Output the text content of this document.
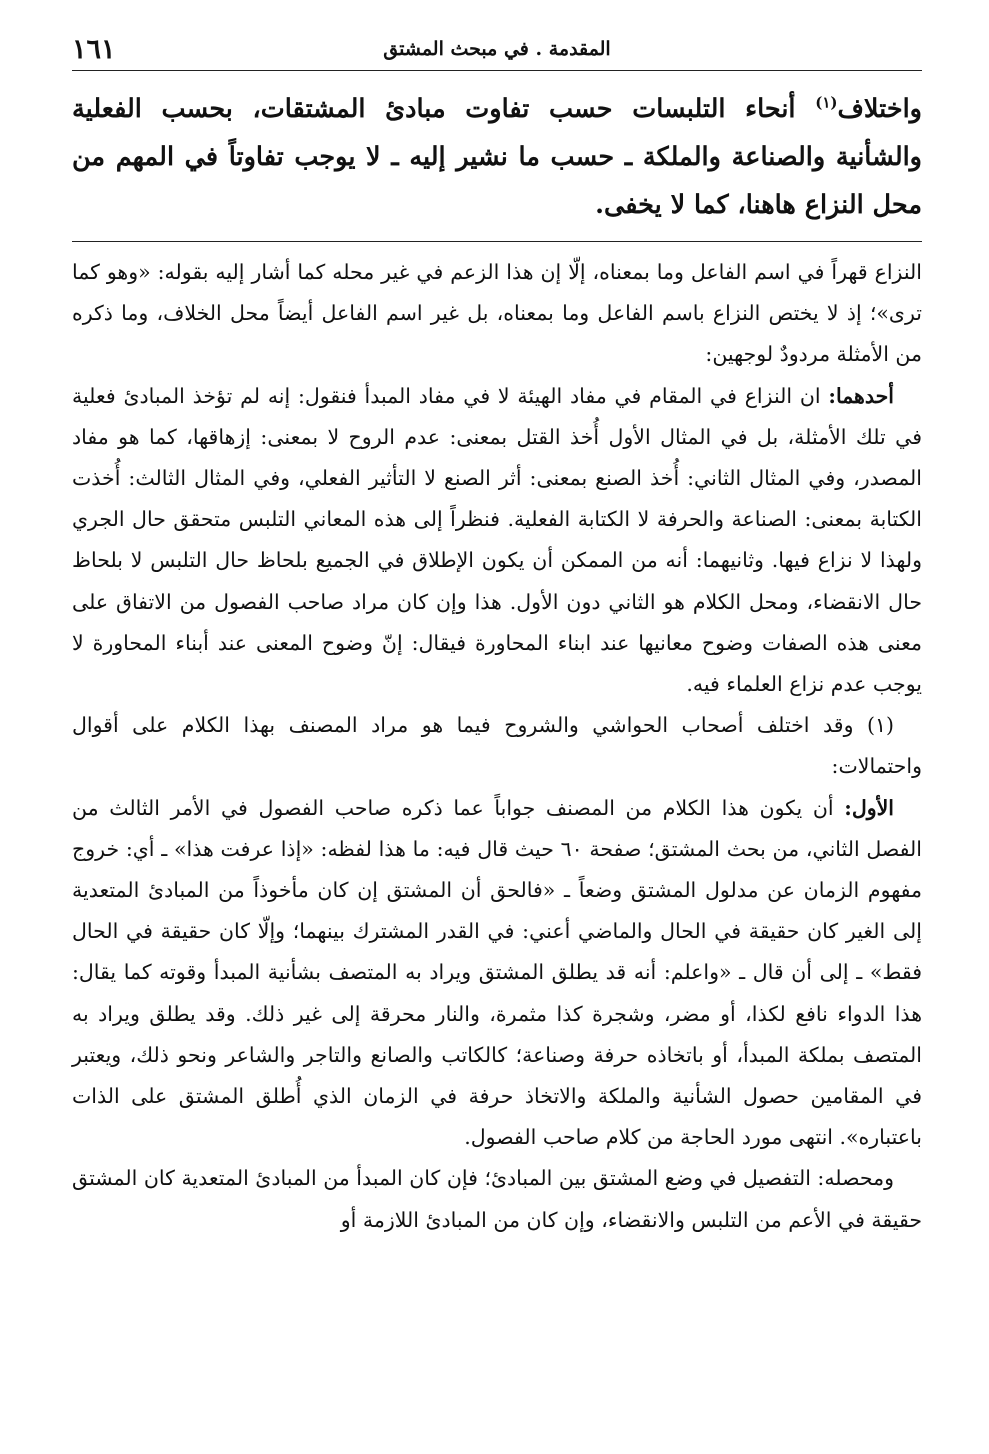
١٦١	المقدمة . في مبحث المشتق

واختلاف$^{(١)}$ أنحاء التلبسات حسب تفاوت مبادئ المشتقات، بحسب الفعلية والشأنية والصناعة والملكة ـ حسب ما نشير إليه ـ لا يوجب تفاوتاً في المهم من محل النزاع هاهنا، كما لا يخفى.

النزاع قهراً في اسم الفاعل وما بمعناه، إلّا إن هذا الزعم في غير محله كما أشار إليه بقوله: «وهو كما ترى»؛ إذ لا يختص النزاع باسم الفاعل وما بمعناه، بل غير اسم الفاعل أيضاً محل الخلاف، وما ذكره من الأمثلة مردودٌ لوجهين:

أحدهما: ان النزاع في المقام في مفاد الهيئة لا في مفاد المبدأ فنقول: إنه لم تؤخذ المبادئ فعلية في تلك الأمثلة، بل في المثال الأول أُخذ القتل بمعنى: عدم الروح لا بمعنى: إزهاقها، كما هو مفاد المصدر، وفي المثال الثاني: أُخذ الصنع بمعنى: أثر الصنع لا التأثير الفعلي، وفي المثال الثالث: أُخذت الكتابة بمعنى: الصناعة والحرفة لا الكتابة الفعلية. فنظراً إلى هذه المعاني التلبس متحقق حال الجري ولهذا لا نزاع فيها. وثانيهما: أنه من الممكن أن يكون الإطلاق في الجميع بلحاظ حال التلبس لا بلحاظ حال الانقضاء، ومحل الكلام هو الثاني دون الأول. هذا وإن كان مراد صاحب الفصول من الاتفاق على معنى هذه الصفات وضوح معانيها عند ابناء المحاورة فيقال: إنّ وضوح المعنى عند أبناء المحاورة لا يوجب عدم نزاع العلماء فيه.

(١) وقد اختلف أصحاب الحواشي والشروح فيما هو مراد المصنف بهذا الكلام على أقوال واحتمالات:

الأول: أن يكون هذا الكلام من المصنف جواباً عما ذكره صاحب الفصول في الأمر الثالث من الفصل الثاني، من بحث المشتق؛ صفحة ٦٠ حيث قال فيه: ما هذا لفظه: «إذا عرفت هذا» ـ أي: خروج مفهوم الزمان عن مدلول المشتق وضعاً ـ «فالحق أن المشتق إن كان مأخوذاً من المبادئ المتعدية إلى الغير كان حقيقة في الحال والماضي أعني: في القدر المشترك بينهما؛ وإلّا كان حقيقة في الحال فقط» ـ إلى أن قال ـ «واعلم: أنه قد يطلق المشتق ويراد به المتصف بشأنية المبدأ وقوته كما يقال: هذا الدواء نافع لكذا، أو مضر، وشجرة كذا مثمرة، والنار محرقة إلى غير ذلك. وقد يطلق ويراد به المتصف بملكة المبدأ، أو باتخاذه حرفة وصناعة؛ كالكاتب والصانع والتاجر والشاعر ونحو ذلك، ويعتبر في المقامين حصول الشأنية والملكة والاتخاذ حرفة في الزمان الذي أُطلق المشتق على الذات باعتباره». انتهى مورد الحاجة من كلام صاحب الفصول.

ومحصله: التفصيل في وضع المشتق بين المبادئ؛ فإن كان المبدأ من المبادئ المتعدية كان المشتق حقيقة في الأعم من التلبس والانقضاء، وإن كان من المبادئ اللازمة أو
